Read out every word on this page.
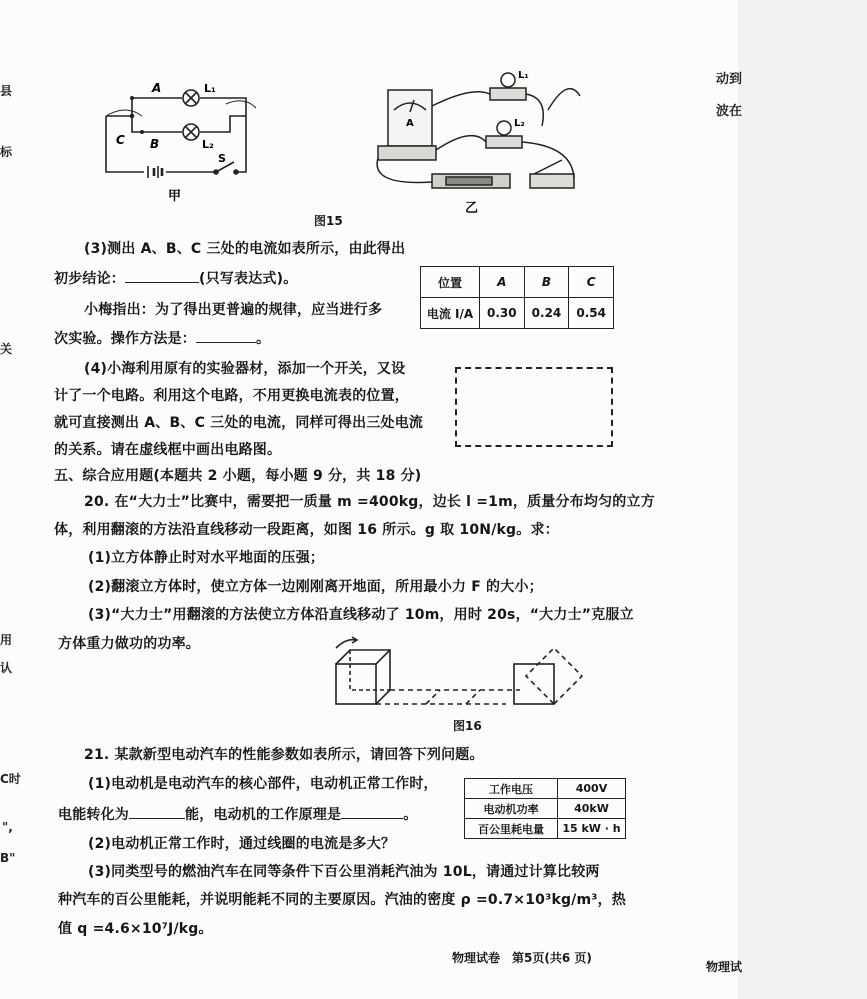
县
标
关
用
认
C时
",
B"
动到
波在
A
B
C
L₁
L₂
S
甲
A
L₁
L₂
乙
图15
(3)测出 A、B、C 三处的电流如表所示，由此得出
初步结论：	(只写表达式)。
小梅指出：为了得出更普遍的规律，应当进行多
次实验。操作方法是：	。
位置	A	B	C
电流 I/A	0.30	0.24	0.54
(4)小海利用原有的实验器材，添加一个开关，又设
计了一个电路。利用这个电路，不用更换电流表的位置，
就可直接测出 A、B、C 三处的电流，同样可得出三处电流
的关系。请在虚线框中画出电路图。
五、综合应用题(本题共 2 小题，每小题 9 分，共 18 分)
20. 在“大力士”比赛中，需要把一质量 m =400kg，边长 l =1m，质量分布均匀的立方
体，利用翻滚的方法沿直线移动一段距离，如图 16 所示。g 取 10N/kg。求：
(1)立方体静止时对水平地面的压强；
(2)翻滚立方体时，使立方体一边刚刚离开地面，所用最小力 F 的大小；
(3)“大力士”用翻滚的方法使立方体沿直线移动了 10m，用时 20s，“大力士”克服立
方体重力做功的功率。
图16
21. 某款新型电动汽车的性能参数如表所示，请回答下列问题。
(1)电动机是电动汽车的核心部件，电动机正常工作时，
电能转化为	能，电动机的工作原理是	。
(2)电动机正常工作时，通过线圈的电流是多大？
(3)同类型号的燃油汽车在同等条件下百公里消耗汽油为 10L，请通过计算比较两
种汽车的百公里能耗，并说明能耗不同的主要原因。汽油的密度 ρ =0.7×10³kg/m³，热
值 q =4.6×10⁷J/kg。
工作电压	400V
电动机功率	40kW
百公里耗电量	15 kW · h
物理试卷　第5页(共6 页)
物理试
